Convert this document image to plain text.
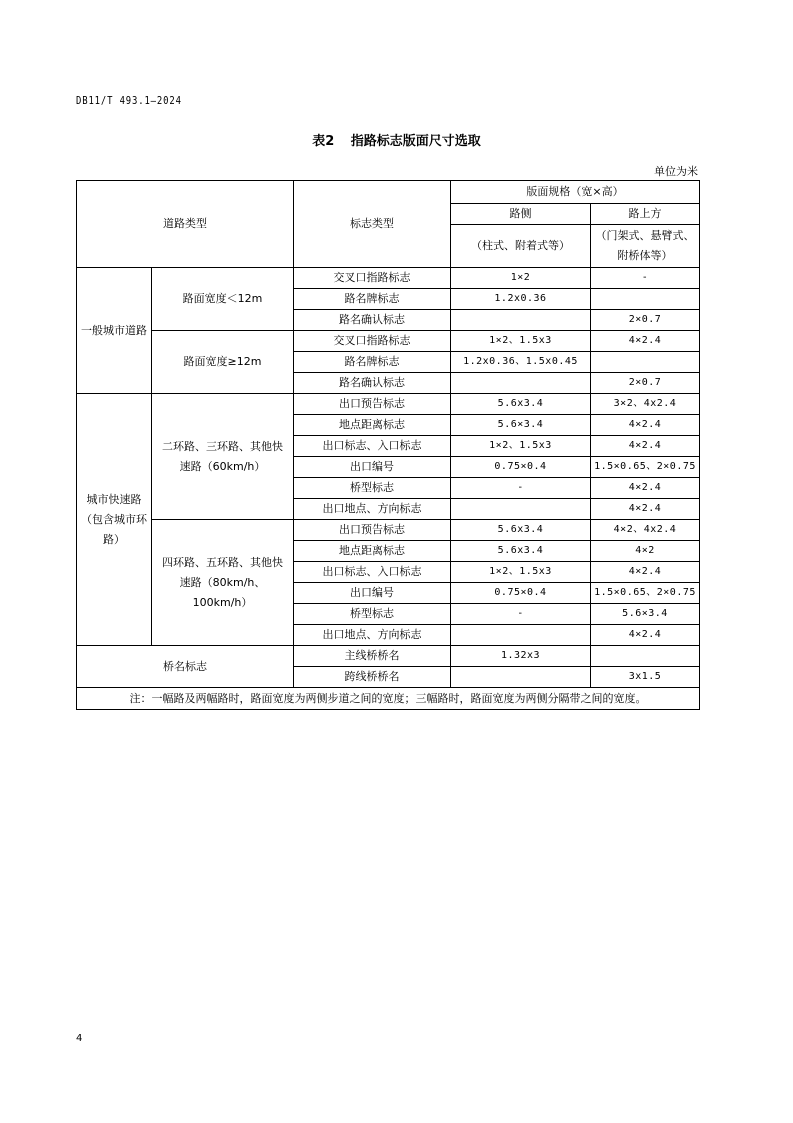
DB11/T 493.1—2024
表2 指路标志版面尺寸选取
单位为米
道路类型		标志类型	版面规格（宽×高）	
			路侧	路上方
			（柱式、附着式等）	（门架式、悬臂式、附桥体等）
一般城市道路	路面宽度＜12m	交叉口指路标志	1×2	-
		路名牌标志	1.2x0.36	
		路名确认标志		2×0.7
	路面宽度≥12m	交叉口指路标志	1×2、1.5x3	4×2.4
		路名牌标志	1.2x0.36、1.5x0.45	
		路名确认标志		2×0.7
城市快速路（包含城市环路）	二环路、三环路、其他快速路（60km/h）	出口预告标志	5.6x3.4	3×2、4x2.4
		地点距离标志	5.6×3.4	4×2.4
		出口标志、入口标志	1×2、1.5x3	4×2.4
		出口编号	0.75×0.4	1.5×0.65、2×0.75
		桥型标志	-	4×2.4
		出口地点、方向标志		4×2.4
	四环路、五环路、其他快速路（80km/h、100km/h）	出口预告标志	5.6x3.4	4×2、4x2.4
		地点距离标志	5.6x3.4	4×2
		出口标志、入口标志	1×2、1.5x3	4×2.4
		出口编号	0.75×0.4	1.5×0.65、2×0.75
		桥型标志	-	5.6×3.4
		出口地点、方向标志		4×2.4
桥名标志		主线桥桥名	1.32x3	
		跨线桥桥名		3x1.5
注：一幅路及两幅路时，路面宽度为两侧步道之间的宽度；三幅路时，路面宽度为两侧分隔带之间的宽度。				
4
